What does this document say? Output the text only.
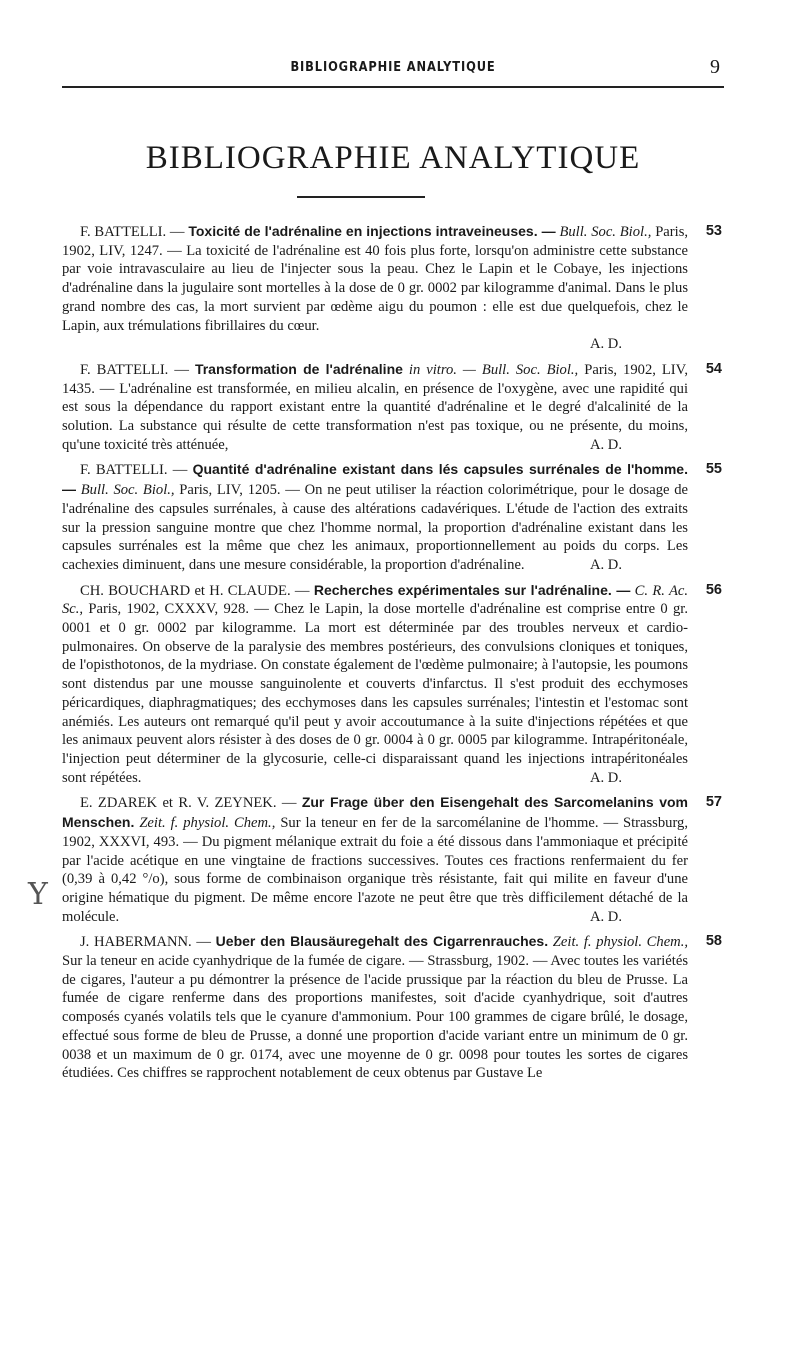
BIBLIOGRAPHIE ANALYTIQUE	9
BIBLIOGRAPHIE ANALYTIQUE
Y

53
F. BATTELLI. — Toxicité de l'adrénaline en injections intraveineuses. — Bull. Soc. Biol., Paris, 1902, LIV, 1247. — La toxicité de l'adrénaline est 40 fois plus forte, lorsqu'on administre cette substance par voie intravasculaire au lieu de l'injecter sous la peau. Chez le Lapin et le Cobaye, les injections d'adrénaline dans la jugulaire sont mortelles à la dose de 0 gr. 0002 par kilogramme d'animal. Dans le plus grand nombre des cas, la mort survient par œdème aigu du poumon : elle est due quelquefois, chez le Lapin, aux trémulations fibrillaires du cœur.
A. D.

54
F. BATTELLI. — Transformation de l'adrénaline in vitro. — Bull. Soc. Biol., Paris, 1902, LIV, 1435. — L'adrénaline est transformée, en milieu alcalin, en présence de l'oxygène, avec une rapidité qui est sous la dépendance du rapport existant entre la quantité d'adrénaline et le degré d'alcalinité de la solution. La substance qui résulte de cette transformation n'est pas toxique, ou ne présente, du moins, qu'une toxicité très atténuée,	A. D.

55
F. BATTELLI. — Quantité d'adrénaline existant dans lés capsules surrénales de l'homme. — Bull. Soc. Biol., Paris, LIV, 1205. — On ne peut utiliser la réaction colorimétrique, pour le dosage de l'adrénaline des capsules surrénales, à cause des altérations cadavériques. L'étude de l'action des extraits sur la pression sanguine montre que chez l'homme normal, la proportion d'adrénaline existant dans les capsules surrénales est la même que chez les animaux, proportionnellement au poids du corps. Les cachexies diminuent, dans une mesure considérable, la proportion d'adrénaline.	A. D.

56
CH. BOUCHARD et H. CLAUDE. — Recherches expérimentales sur l'adrénaline. — C. R. Ac. Sc., Paris, 1902, CXXXV, 928. — Chez le Lapin, la dose mortelle d'adrénaline est comprise entre 0 gr. 0001 et 0 gr. 0002 par kilogramme. La mort est déterminée par des troubles nerveux et cardio-pulmonaires. On observe de la paralysie des membres postérieurs, des convulsions cloniques et toniques, de l'opisthotonos, de la mydriase. On constate également de l'œdème pulmonaire; à l'autopsie, les poumons sont distendus par une mousse sanguinolente et couverts d'infarctus. Il s'est produit des ecchymoses péricardiques, diaphragmatiques; des ecchymoses dans les capsules surrénales; l'intestin et l'estomac sont anémiés. Les auteurs ont remarqué qu'il peut y avoir accoutumance à la suite d'injections répétées et que les animaux peuvent alors résister à des doses de 0 gr. 0004 à 0 gr. 0005 par kilogramme. Intrapéritonéale, l'injection peut déterminer de la glycosurie, celle-ci disparaissant quand les injections intrapéritonéales sont répétées.	A. D.

57
E. ZDAREK et R. V. ZEYNEK. — Zur Frage über den Eisengehalt des Sarcomelanins vom Menschen. Zeit. f. physiol. Chem., Sur la teneur en fer de la sarcomélanine de l'homme. — Strassburg, 1902, XXXVI, 493. — Du pigment mélanique extrait du foie a été dissous dans l'ammoniaque et précipité par l'acide acétique en une vingtaine de fractions successives. Toutes ces fractions renfermaient du fer (0,39 à 0,42 °/o), sous forme de combinaison organique très résistante, fait qui milite en faveur d'une origine hématique du pigment. De même encore l'azote ne peut être que très difficilement détaché de la molécule.	A. D.

58
J. HABERMANN. — Ueber den Blausäuregehalt des Cigarrenrauches. Zeit. f. physiol. Chem., Sur la teneur en acide cyanhydrique de la fumée de cigare. — Strassburg, 1902. — Avec toutes les variétés de cigares, l'auteur a pu démontrer la présence de l'acide prussique par la réaction du bleu de Prusse. La fumée de cigare renferme dans des proportions manifestes, soit d'acide cyanhydrique, soit d'autres composés cyanés volatils tels que le cyanure d'ammonium. Pour 100 grammes de cigare brûlé, le dosage, effectué sous forme de bleu de Prusse, a donné une proportion d'acide variant entre un minimum de 0 gr. 0038 et un maximum de 0 gr. 0174, avec une moyenne de 0 gr. 0098 pour toutes les sortes de cigares étudiées. Ces chiffres se rapprochent notablement de ceux obtenus par Gustave Le
